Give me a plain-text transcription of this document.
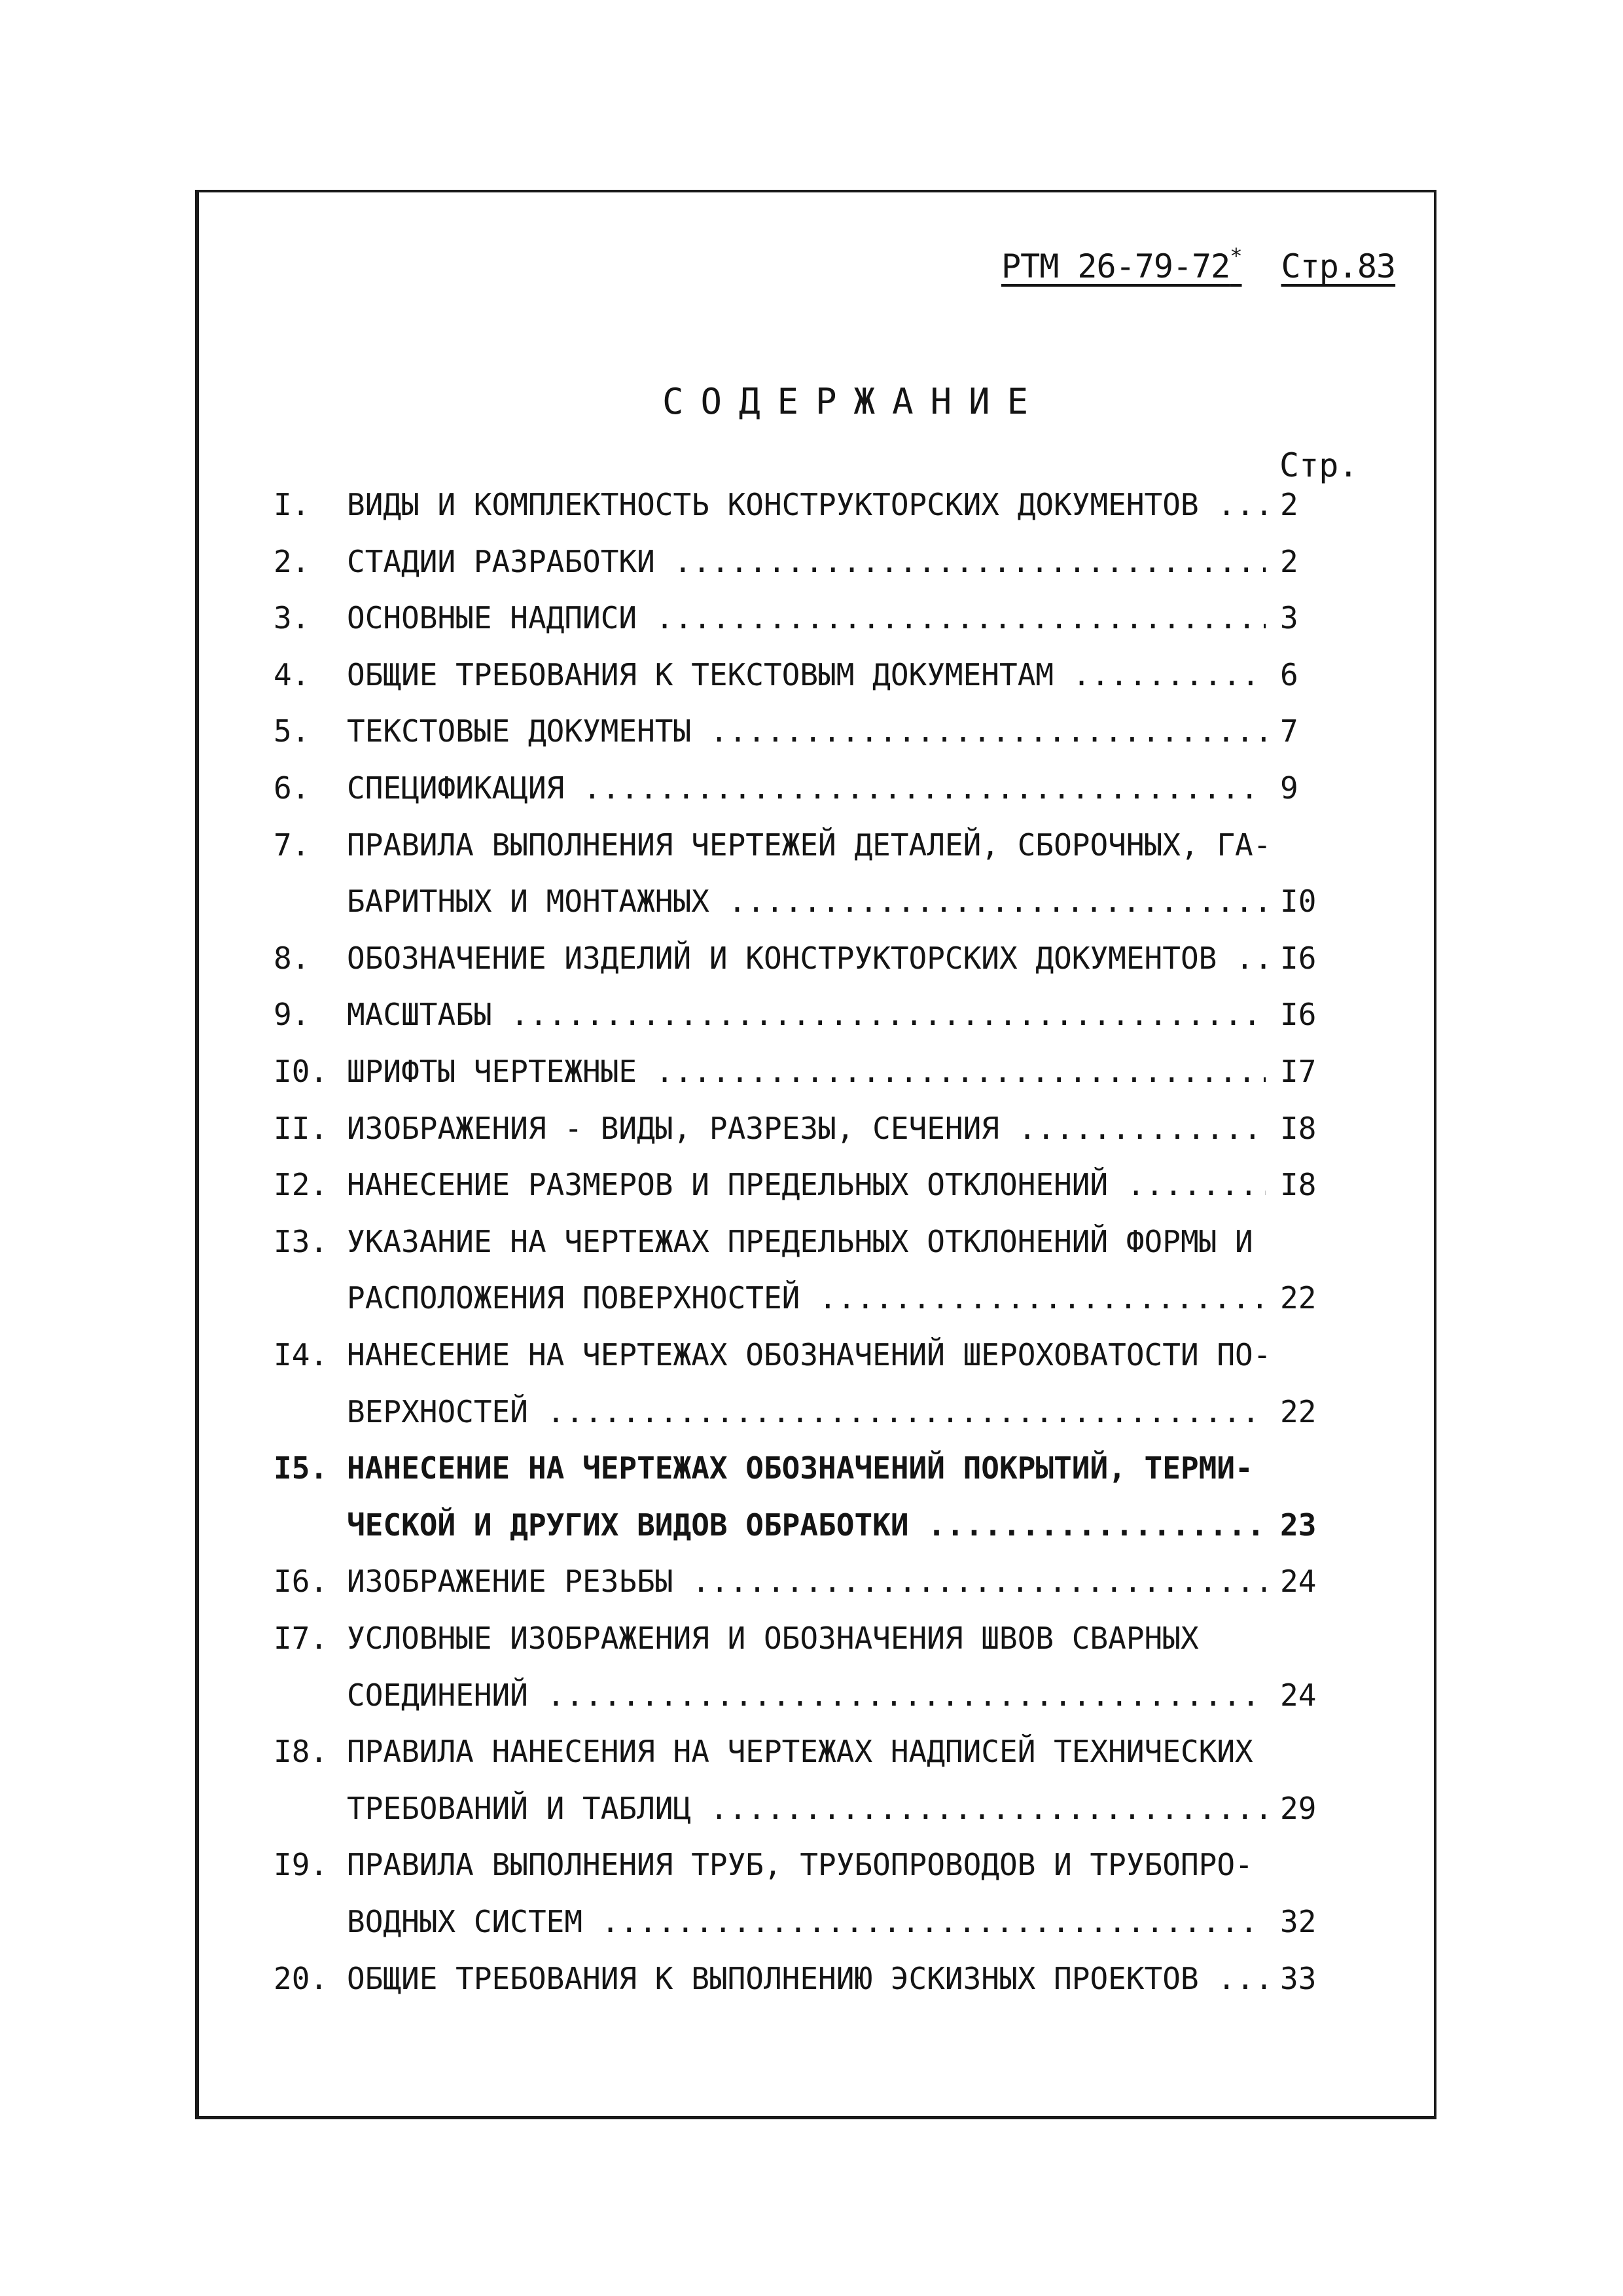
РТМ 26-79-72* Стр.83
СОДЕРЖАНИЕ
Стр.
I.	ВИДЫ И КОМПЛЕКТНОСТЬ КОНСТРУКТОРСКИХ ДОКУМЕНТОВ .....	2
2.	СТАДИИ РАЗРАБОТКИ .....	2
3.	ОСНОВНЫЕ НАДПИСИ .....	3
4.	ОБЩИЕ ТРЕБОВАНИЯ К ТЕКСТОВЫМ ДОКУМЕНТАМ .....	6
5.	ТЕКСТОВЫЕ ДОКУМЕНТЫ .....	7
6.	СПЕЦИФИКАЦИЯ .....	9
7.	ПРАВИЛА ВЫПОЛНЕНИЯ ЧЕРТЕЖЕЙ ДЕТАЛЕЙ, СБОРОЧНЫХ, ГА-
БАРИТНЫХ И МОНТАЖНЫХ .....	I0
8.	ОБОЗНАЧЕНИЕ ИЗДЕЛИЙ И КОНСТРУКТОРСКИХ ДОКУМЕНТОВ .....	I6
9.	МАСШТАБЫ .....	I6
I0. ШРИФТЫ ЧЕРТЕЖНЫЕ .....	I7
II. ИЗОБРАЖЕНИЯ - ВИДЫ, РАЗРЕЗЫ, СЕЧЕНИЯ .....	I8
I2. НАНЕСЕНИЕ РАЗМЕРОВ И ПРЕДЕЛЬНЫХ ОТКЛОНЕНИЙ .....	I8
I3. УКАЗАНИЕ НА ЧЕРТЕЖАХ ПРЕДЕЛЬНЫХ ОТКЛОНЕНИЙ ФОРМЫ И
РАСПОЛОЖЕНИЯ ПОВЕРХНОСТЕЙ .....	22
I4. НАНЕСЕНИЕ НА ЧЕРТЕЖАХ ОБОЗНАЧЕНИЙ ШЕРОХОВАТОСТИ ПО-
ВЕРХНОСТЕЙ .....	22
I5. НАНЕСЕНИЕ НА ЧЕРТЕЖАХ ОБОЗНАЧЕНИЙ ПОКРЫТИЙ, ТЕРМИ-
ЧЕСКОЙ И ДРУГИХ ВИДОВ ОБРАБОТКИ .....	23
I6. ИЗОБРАЖЕНИЕ РЕЗЬБЫ .....	24
I7. УСЛОВНЫЕ ИЗОБРАЖЕНИЯ И ОБОЗНАЧЕНИЯ ШВОВ СВАРНЫХ
СОЕДИНЕНИЙ .....	24
I8. ПРАВИЛА НАНЕСЕНИЯ НА ЧЕРТЕЖАХ НАДПИСЕЙ ТЕХНИЧЕСКИХ
ТРЕБОВАНИЙ И ТАБЛИЦ .....	29
I9. ПРАВИЛА ВЫПОЛНЕНИЯ ТРУБ, ТРУБОПРОВОДОВ И ТРУБОПРО-
ВОДНЫХ СИСТЕМ .....	32
20. ОБЩИЕ ТРЕБОВАНИЯ К ВЫПОЛНЕНИЮ ЭСКИЗНЫХ ПРОЕКТОВ .....	33
